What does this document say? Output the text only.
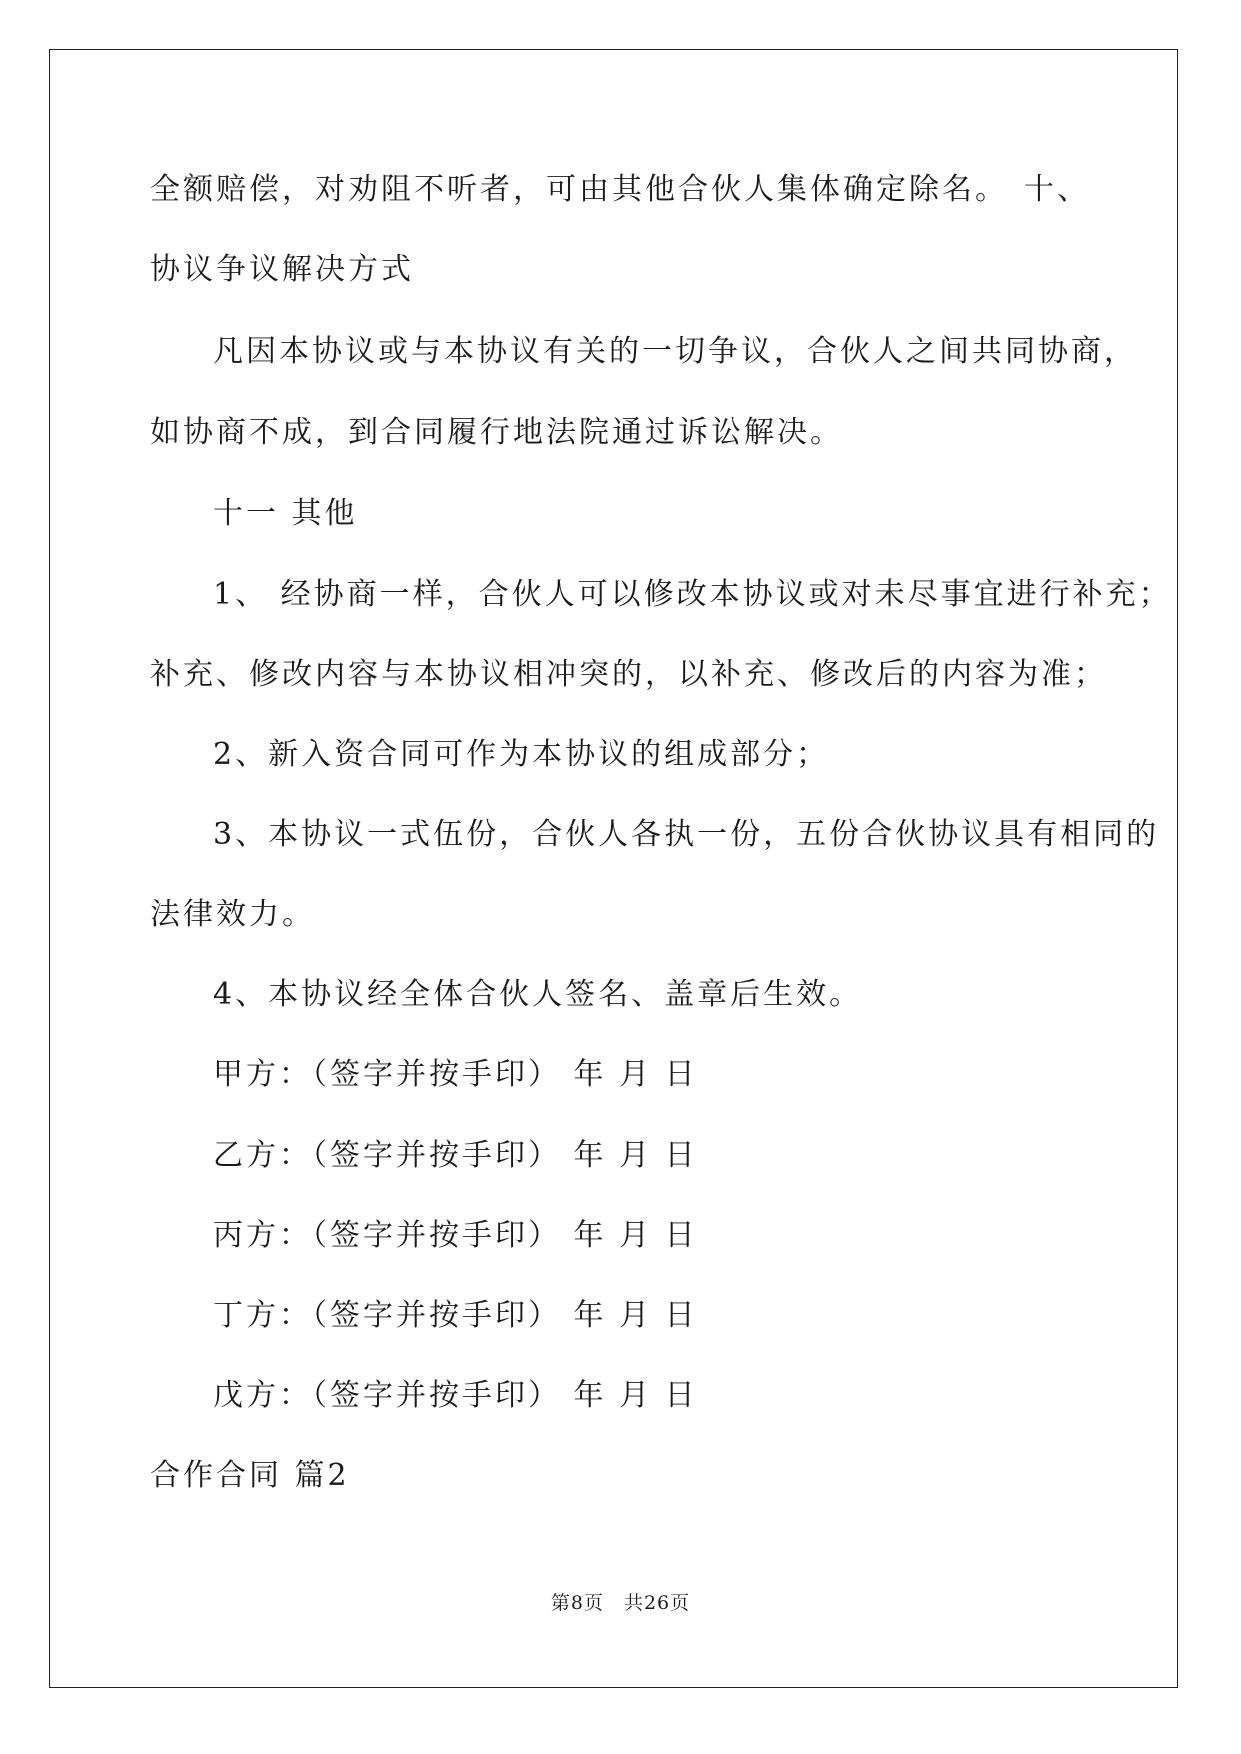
全额赔偿，对劝阻不听者，可由其他合伙人集体确定除名。 十、
协议争议解决方式
凡因本协议或与本协议有关的一切争议，合伙人之间共同协商，
如协商不成，到合同履行地法院通过诉讼解决。
十一 其他
1、 经协商一样，合伙人可以修改本协议或对未尽事宜进行补充；
补充、修改内容与本协议相冲突的，以补充、修改后的内容为准；
2、新入资合同可作为本协议的组成部分；
3、本协议一式伍份，合伙人各执一份，五份合伙协议具有相同的
法律效力。
4、本协议经全体合伙人签名、盖章后生效。
甲方：（签字并按手印） 年 月 日
乙方：（签字并按手印） 年 月 日
丙方：（签字并按手印） 年 月 日
丁方：（签字并按手印） 年 月 日
戊方：（签字并按手印） 年 月 日
合作合同 篇2
第8页　共26页
